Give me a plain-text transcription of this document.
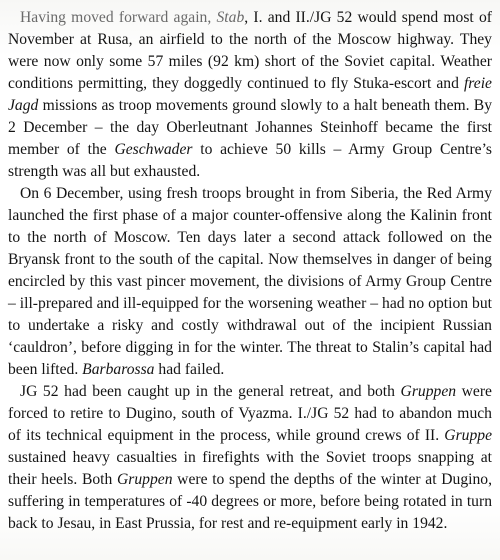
Having moved forward again, Stab, I. and II./JG 52 would spend most of November at Rusa, an airfield to the north of the Moscow highway. They were now only some 57 miles (92 km) short of the Soviet capital. Weather conditions permitting, they doggedly continued to fly Stuka-escort and freie Jagd missions as troop movements ground slowly to a halt beneath them. By 2 December – the day Oberleutnant Johannes Steinhoff became the first member of the Geschwader to achieve 50 kills – Army Group Centre’s strength was all but exhausted.

On 6 December, using fresh troops brought in from Siberia, the Red Army launched the first phase of a major counter-offensive along the Kalinin front to the north of Moscow. Ten days later a second attack followed on the Bryansk front to the south of the capital. Now themselves in danger of being encircled by this vast pincer movement, the divisions of Army Group Centre – ill-prepared and ill-equipped for the worsening weather – had no option but to undertake a risky and costly withdrawal out of the incipient Russian ‘cauldron’, before digging in for the winter. The threat to Stalin’s capital had been lifted. Barbarossa had failed.

JG 52 had been caught up in the general retreat, and both Gruppen were forced to retire to Dugino, south of Vyazma. I./JG 52 had to abandon much of its technical equipment in the process, while ground crews of II. Gruppe sustained heavy casualties in firefights with the Soviet troops snapping at their heels. Both Gruppen were to spend the depths of the winter at Dugino, suffering in temperatures of -40 degrees or more, before being rotated in turn back to Jesau, in East Prussia, for rest and re-equipment early in 1942.
